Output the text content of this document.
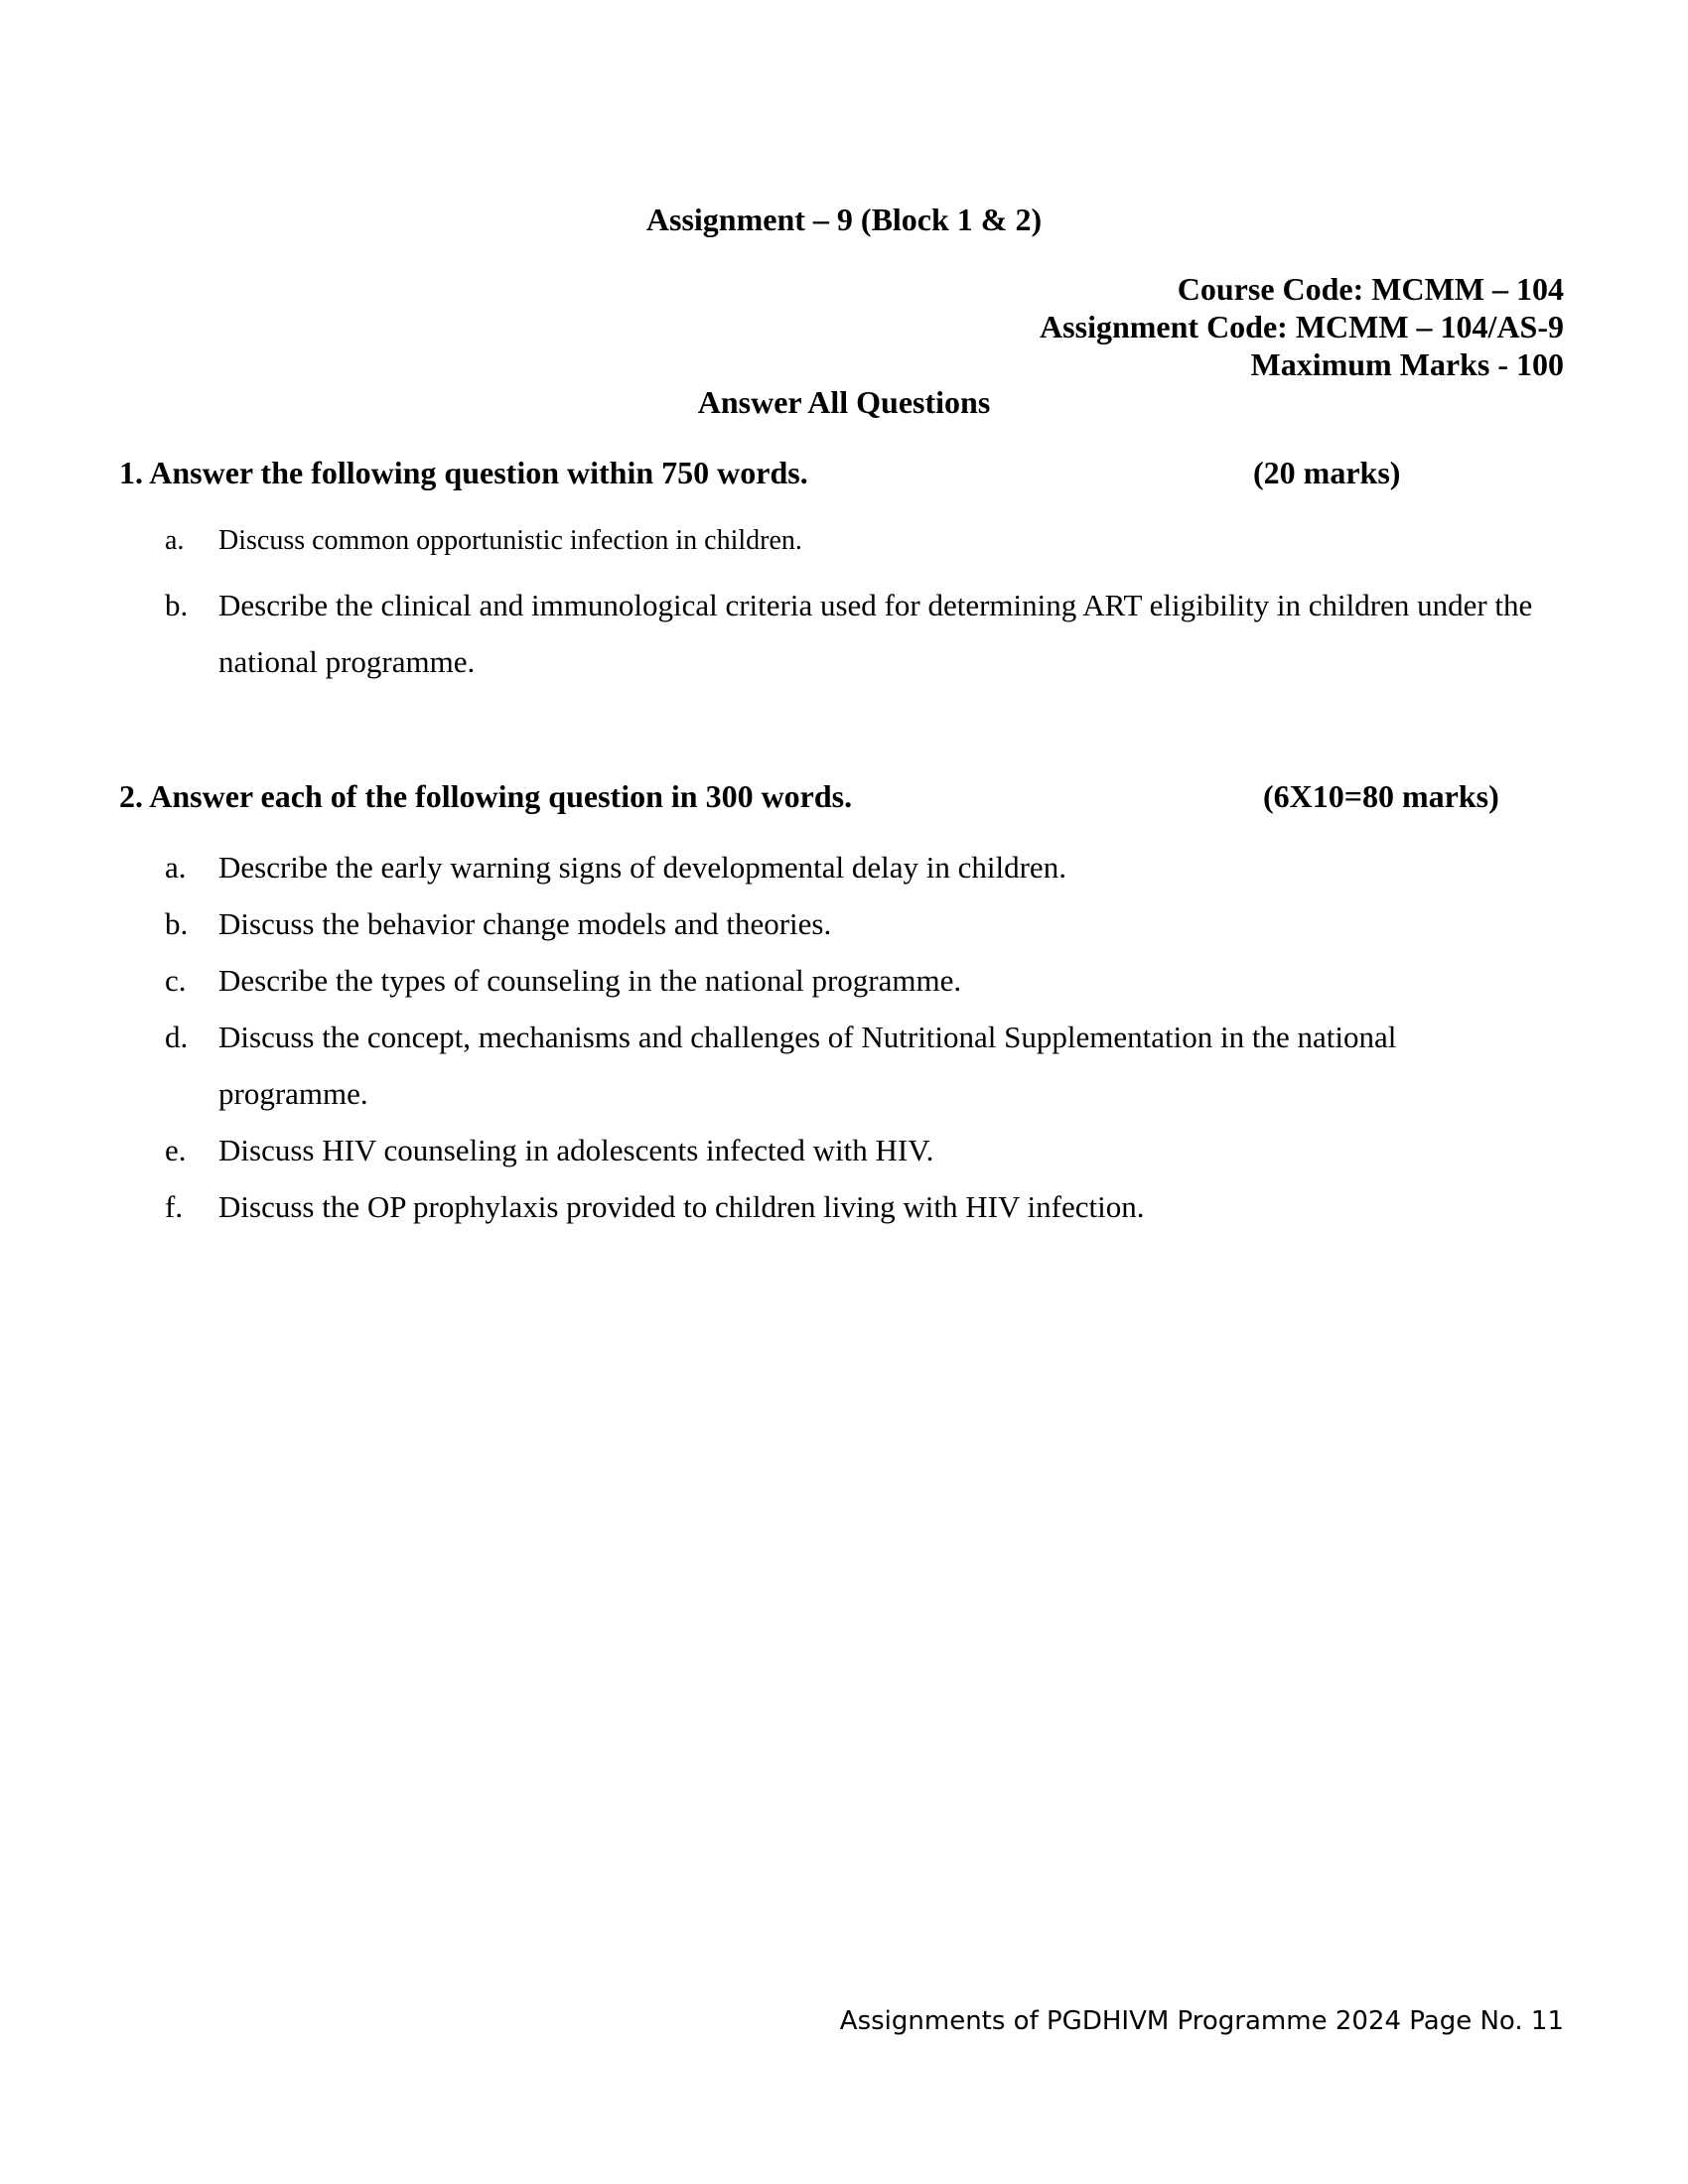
Assignment – 9 (Block 1 & 2)
Course Code: MCMM – 104
Assignment Code: MCMM – 104/AS-9
Maximum Marks - 100
Answer All Questions
1. Answer the following question within 750 words.	(20 marks)
a. Discuss common opportunistic infection in children.
b. Describe the clinical and immunological criteria used for determining ART eligibility in children under the national programme.
2. Answer each of the following question in 300 words.	(6X10=80 marks)
a. Describe the early warning signs of developmental delay in children.
b. Discuss the behavior change models and theories.
c. Describe the types of counseling in the national programme.
d. Discuss the concept, mechanisms and challenges of Nutritional Supplementation in the national programme.
e. Discuss HIV counseling in adolescents infected with HIV.
f. Discuss the OP prophylaxis provided to children living with HIV infection.
Assignments of PGDHIVM Programme 2024 Page No. 11
